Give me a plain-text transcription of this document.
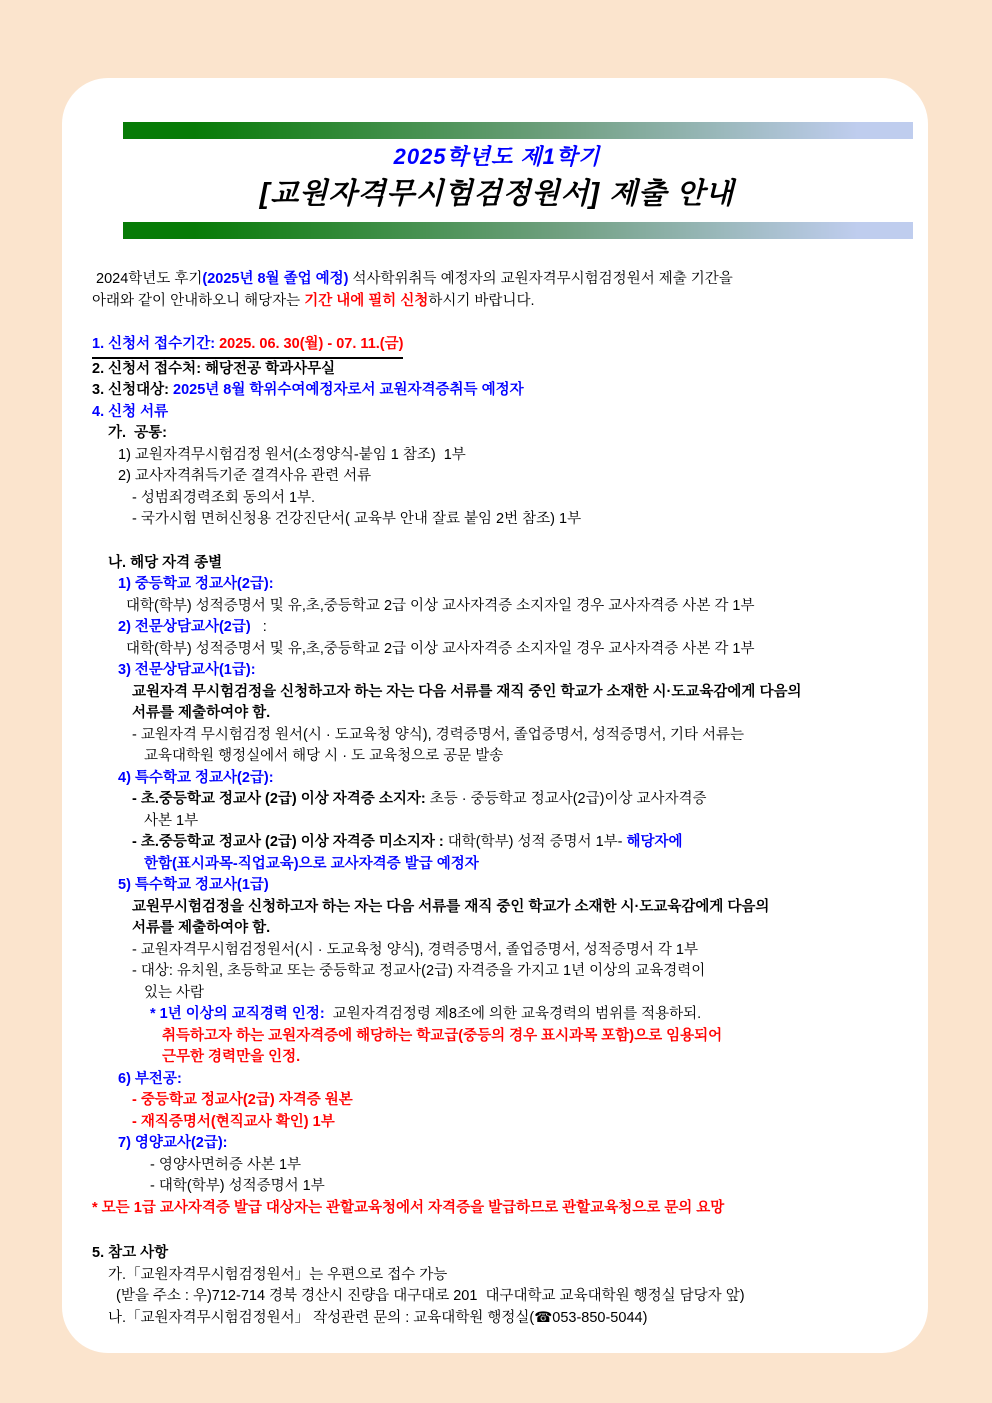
2025학년도 제1학기
[교원자격무시험검정원서] 제출 안내
2024학년도 후기(2025년 8월 졸업 예정) 석사학위취득 예정자의 교원자격무시험검정원서 제출 기간을
아래와 같이 안내하오니 해당자는 기간 내에 필히 신청하시기 바랍니다.
1. 신청서 접수기간: 2025. 06. 30(월) - 07. 11.(금)
2. 신청서 접수처: 해당전공 학과사무실
3. 신청대상: 2025년 8월 학위수여예정자로서 교원자격증취득 예정자
4. 신청 서류
가.  공통:
1) 교원자격무시험검정 원서(소정양식-붙임 1 참조)  1부
2) 교사자격취득기준 결격사유 관련 서류
- 성범죄경력조회 동의서 1부.
- 국가시험 면허신청용 건강진단서( 교육부 안내 잘료 붙임 2번 참조) 1부
나. 해당 자격 종별
1) 중등학교 정교사(2급):
대학(학부) 성적증명서 및 유,초,중등학교 2급 이상 교사자격증 소지자일 경우 교사자격증 사본 각 1부
2) 전문상담교사(2급)   :
대학(학부) 성적증명서 및 유,초,중등학교 2급 이상 교사자격증 소지자일 경우 교사자격증 사본 각 1부
3) 전문상담교사(1급):
교원자격 무시험검정을 신청하고자 하는 자는 다음 서류를 재직 중인 학교가 소재한 시·도교육감에게 다음의
서류를 제출하여야 함.
- 교원자격 무시험검정 원서(시 · 도교육청 양식), 경력증명서, 졸업증명서, 성적증명서, 기타 서류는
교육대학원 행정실에서 해당 시 · 도 교육청으로 공문 발송
4) 특수학교 정교사(2급):
- 초.중등학교 정교사 (2급) 이상 자격증 소지자: 초등 · 중등학교 정교사(2급)이상 교사자격증
사본 1부
- 초.중등학교 정교사 (2급) 이상 자격증 미소지자 : 대학(학부) 성적 증명서 1부- 해당자에
한함(표시과목-직업교육)으로 교사자격증 발급 예정자
5) 특수학교 정교사(1급)
교원무시험검정을 신청하고자 하는 자는 다음 서류를 재직 중인 학교가 소재한 시·도교육감에게 다음의
서류를 제출하여야 함.
- 교원자격무시험검정원서(시 · 도교육청 양식), 경력증명서, 졸업증명서, 성적증명서 각 1부
- 대상: 유치원, 초등학교 또는 중등학교 정교사(2급) 자격증을 가지고 1년 이상의 교육경력이
있는 사람
* 1년 이상의 교직경력 인정:  교원자격검정령 제8조에 의한 교육경력의 범위를 적용하되.
취득하고자 하는 교원자격증에 해당하는 학교급(중등의 경우 표시과목 포함)으로 임용되어
근무한 경력만을 인정.
6) 부전공:
- 중등학교 정교사(2급) 자격증 원본
- 재직증명서(현직교사 확인) 1부
7) 영양교사(2급):
- 영양사면허증 사본 1부
- 대학(학부) 성적증명서 1부
* 모든 1급 교사자격증 발급 대상자는 관할교육청에서 자격증을 발급하므로 관할교육청으로 문의 요망
5. 참고 사항
가.「교원자격무시험검정원서」는 우편으로 접수 가능
(받을 주소 : 우)712-714 경북 경산시 진량읍 대구대로 201  대구대학교 교육대학원 행정실 담당자 앞)
나.「교원자격무시험검정원서」 작성관련 문의 : 교육대학원 행정실(☎053-850-5044)
